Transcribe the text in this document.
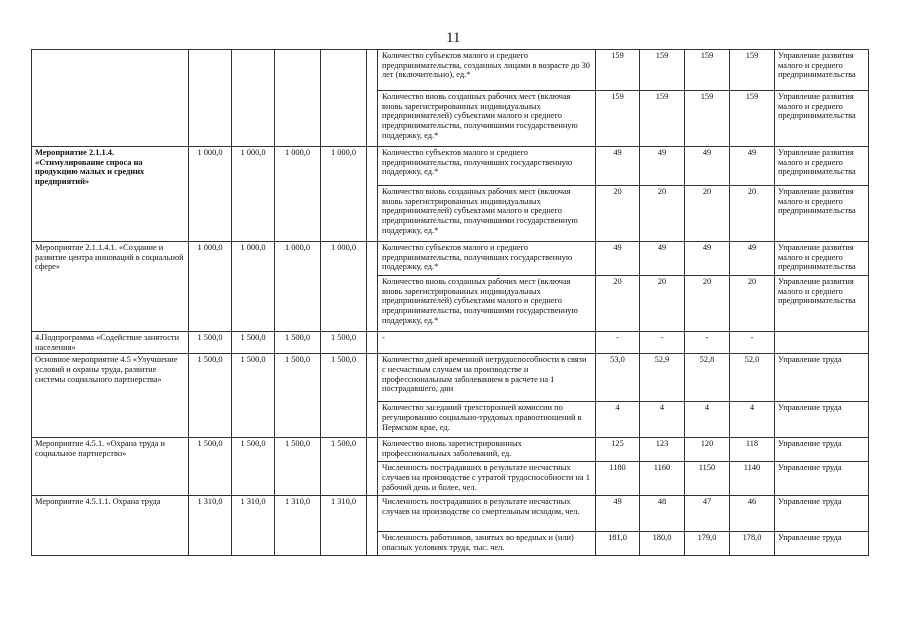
11
						Количество субъектов малого и среднего предпринимательства, созданных лицами в возрасте до 30 лет (включительно), ед.*	159	159	159	159	Управление развития малого и среднего предпринимательства
						Количество вновь созданных рабочих мест (включая вновь зарегистрированных индивидуальных предпринимателей) субъектами малого и среднего предпринимательства, получившими государственную поддержку, ед.*	159	159	159	159	Управление развития малого и среднего предпринимательства
Мероприятие 2.1.1.4. «Стимулирование спроса на продукцию малых и средних предприятий»	1 000,0	1 000,0	1 000,0	1 000,0		Количество субъектов малого и среднего предпринимательства, получивших государственную поддержку, ед.*	49	49	49	49	Управление развития малого и среднего предпринимательства
						Количество вновь созданных рабочих мест (включая вновь зарегистрированных индивидуальных предпринимателей) субъектами малого и среднего предпринимательства, получившими государственную поддержку, ед.*	20	20	20	20	Управление развития малого и среднего предпринимательства
Мероприятие 2.1.1.4.1. «Создание и развитие центра инноваций в социальной сфере»	1 000,0	1 000,0	1 000,0	1 000,0		Количество субъектов малого и среднего предпринимательства, получивших государственную поддержку, ед.*	49	49	49	49	Управление развития малого и среднего предпринимательства
						Количество вновь созданных рабочих мест (включая вновь зарегистрированных индивидуальных предпринимателей) субъектами малого и среднего предпринимательства, получившими государственную поддержку, ед.*	20	20	20	20	Управление развития малого и среднего предпринимательства
4.Подпрограмма «Содействие занятости населения»	1 500,0	1 500,0	1 500,0	1 500,0		-	-	-	-	-	
Основное мероприятие 4.5 «Улучшение условий и охраны труда, развитие системы социального партнерства»	1 500,0	1 500,0	1 500,0	1 500,0		Количество дней временной нетрудоспособности в связи с несчастным случаем на производстве и профессиональным заболеванием в расчете на 1 пострадавшего, дни	53,0	52,9	52,8	52,0	Управление труда
						Количество заседаний трехсторонней комиссии по регулированию социально-трудовых правоотношений в Пермском крае, ед.	4	4	4	4	Управление труда
Мероприятие 4.5.1. «Охрана труда и социальное партнерство»	1 500,0	1 500,0	1 500,0	1 500,0		Количество вновь зарегистрированных профессиональных заболеваний, ед.	125	123	120	118	Управление труда
						Численность пострадавших в результате несчастных случаев на производстве с утратой трудоспособности на 1 рабочий день и более, чел.	1180	1160	1150	1140	Управление труда
Мероприятие 4.5.1.1. Охрана труда	1 310,0	1 310,0	1 310,0	1 310,0		Численность пострадавших в результате несчастных случаев на производстве со смертельным исходом, чел.	49	48	47	46	Управление труда
						Численность работников, занятых во вредных и (или) опасных условиях труда, тыс. чел.	181,0	180,0	179,0	178,0	Управление труда
